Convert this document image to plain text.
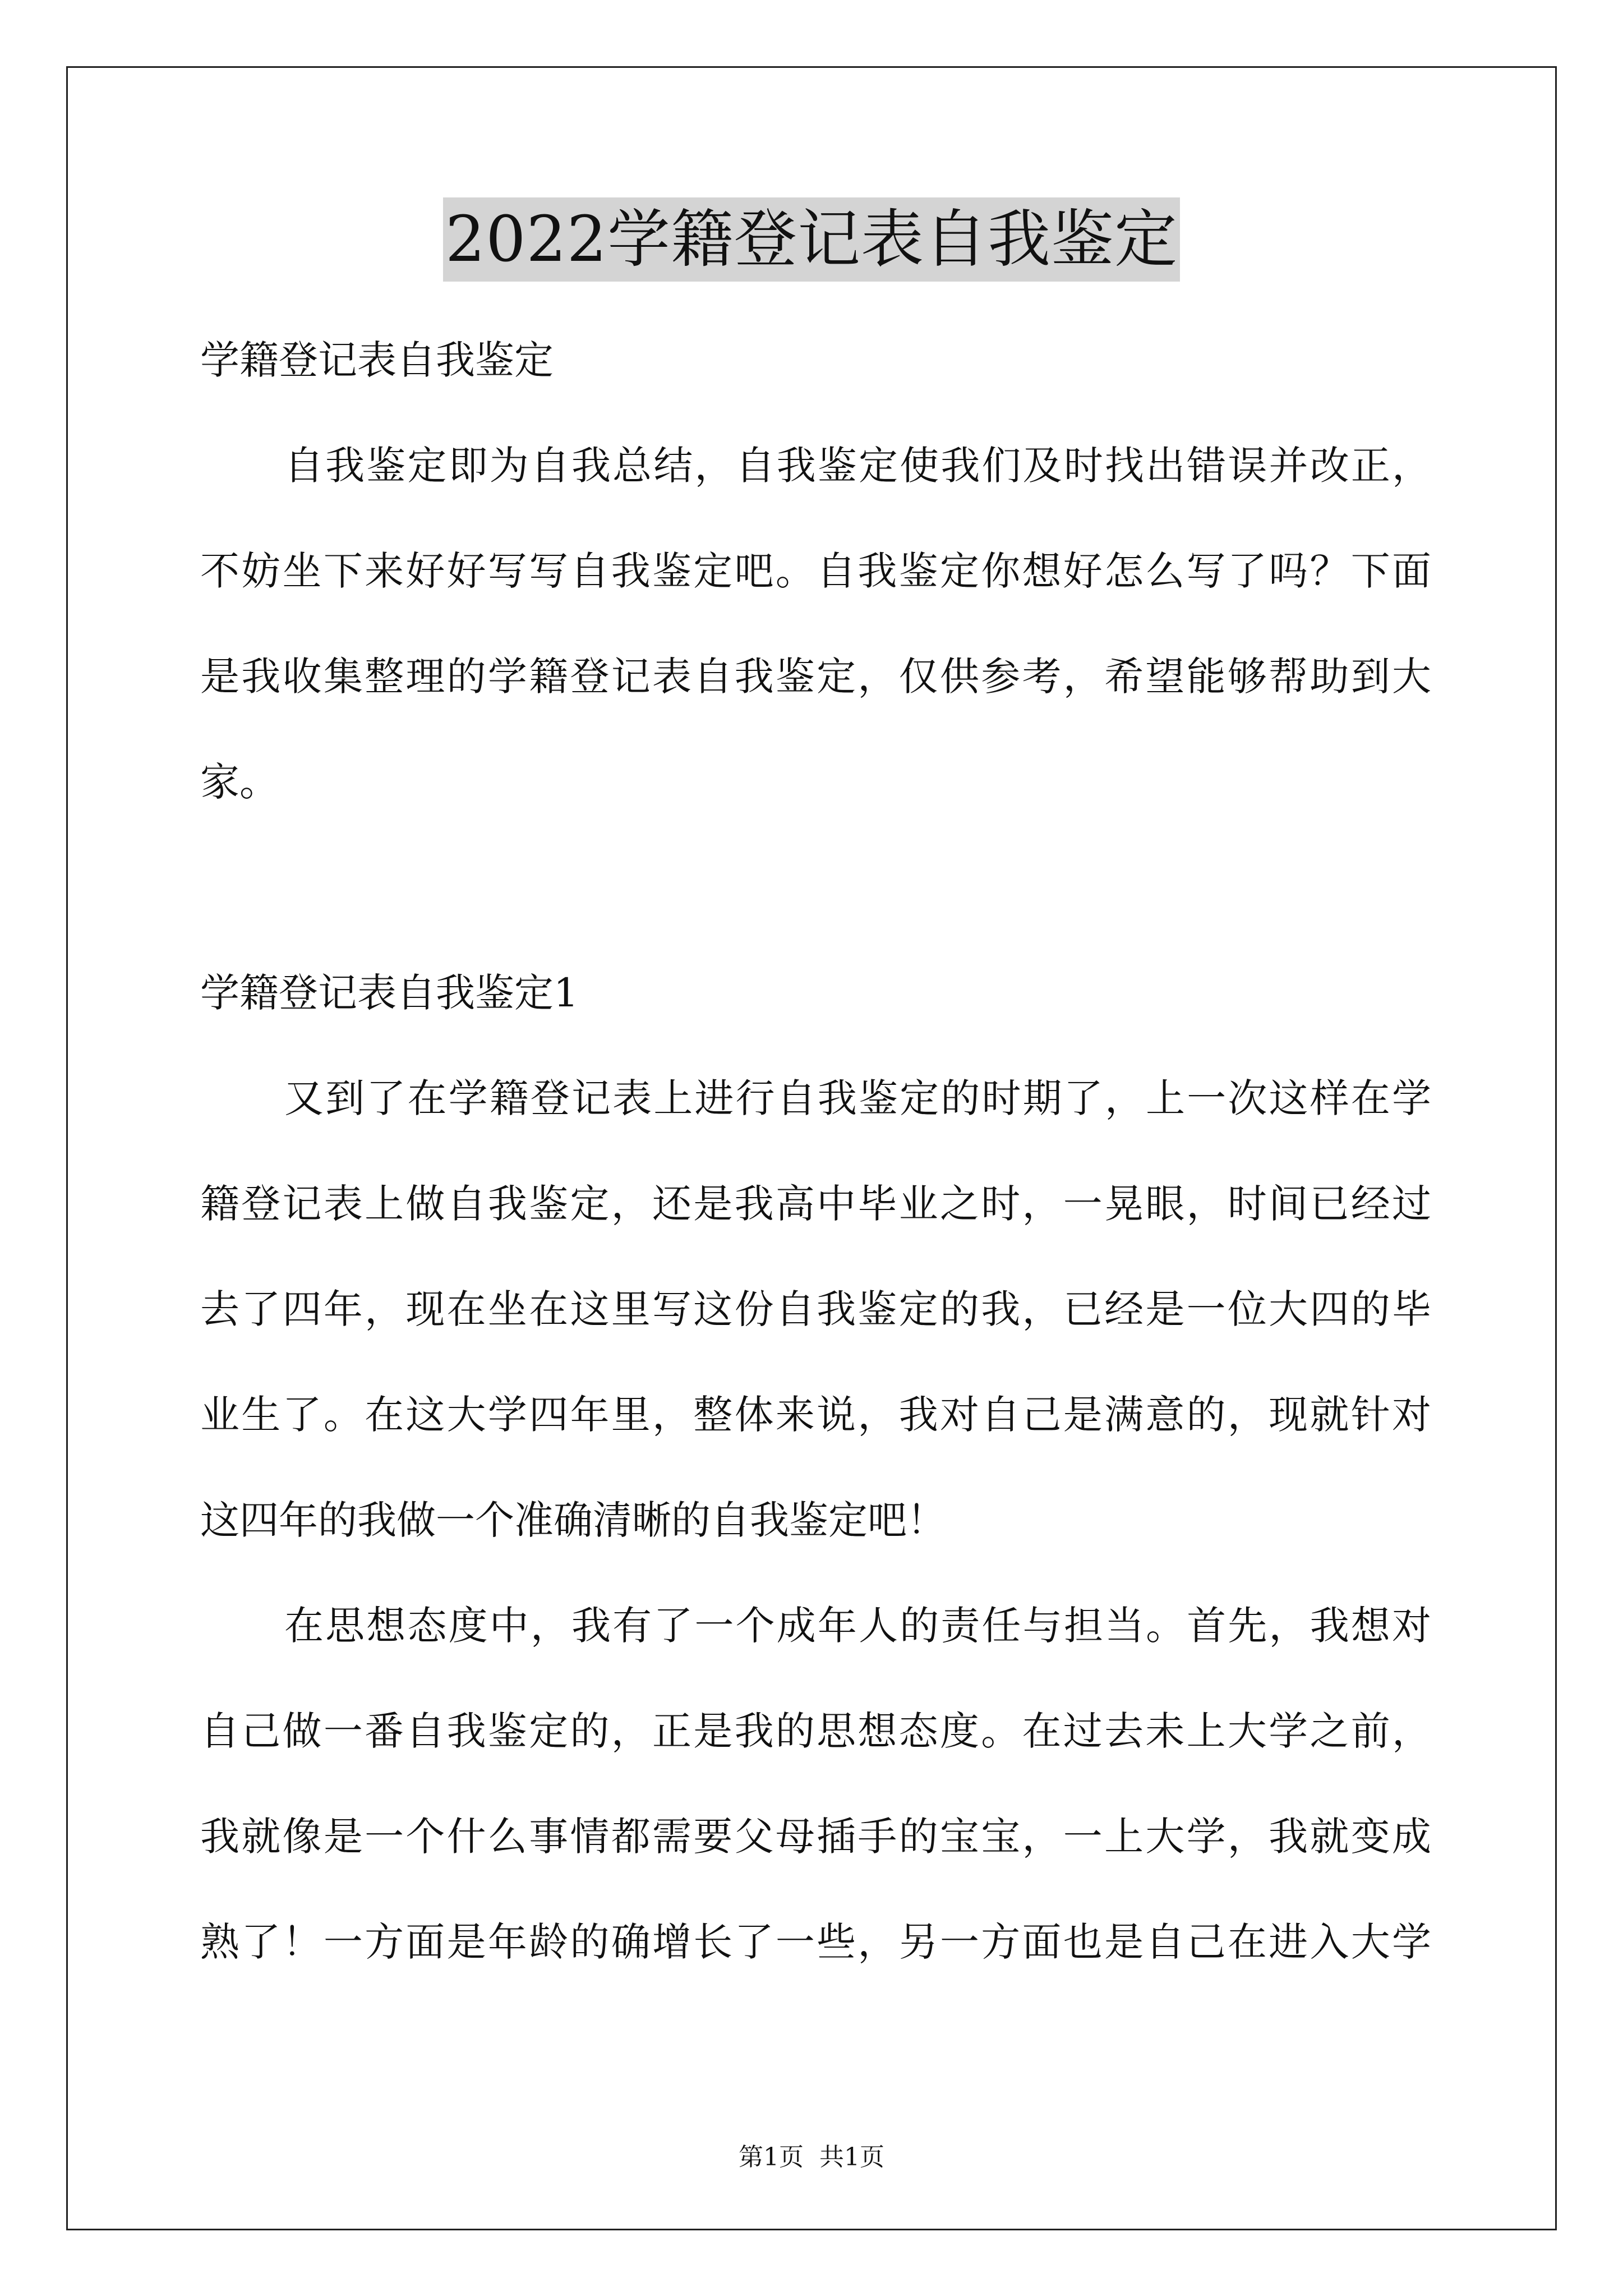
2022学籍登记表自我鉴定
学籍登记表自我鉴定
自我鉴定即为自我总结，自我鉴定使我们及时找出错误并改正，
不妨坐下来好好写写自我鉴定吧。自我鉴定你想好怎么写了吗？下面
是我收集整理的学籍登记表自我鉴定，仅供参考，希望能够帮助到大
家。
学籍登记表自我鉴定1
又到了在学籍登记表上进行自我鉴定的时期了，上一次这样在学
籍登记表上做自我鉴定，还是我高中毕业之时，一晃眼，时间已经过
去了四年，现在坐在这里写这份自我鉴定的我，已经是一位大四的毕
业生了。在这大学四年里，整体来说，我对自己是满意的，现就针对
这四年的我做一个准确清晰的自我鉴定吧！
在思想态度中，我有了一个成年人的责任与担当。首先，我想对
自己做一番自我鉴定的，正是我的思想态度。在过去未上大学之前，
我就像是一个什么事情都需要父母插手的宝宝，一上大学，我就变成
熟了！一方面是年龄的确增长了一些，另一方面也是自己在进入大学
第1页  共1页
